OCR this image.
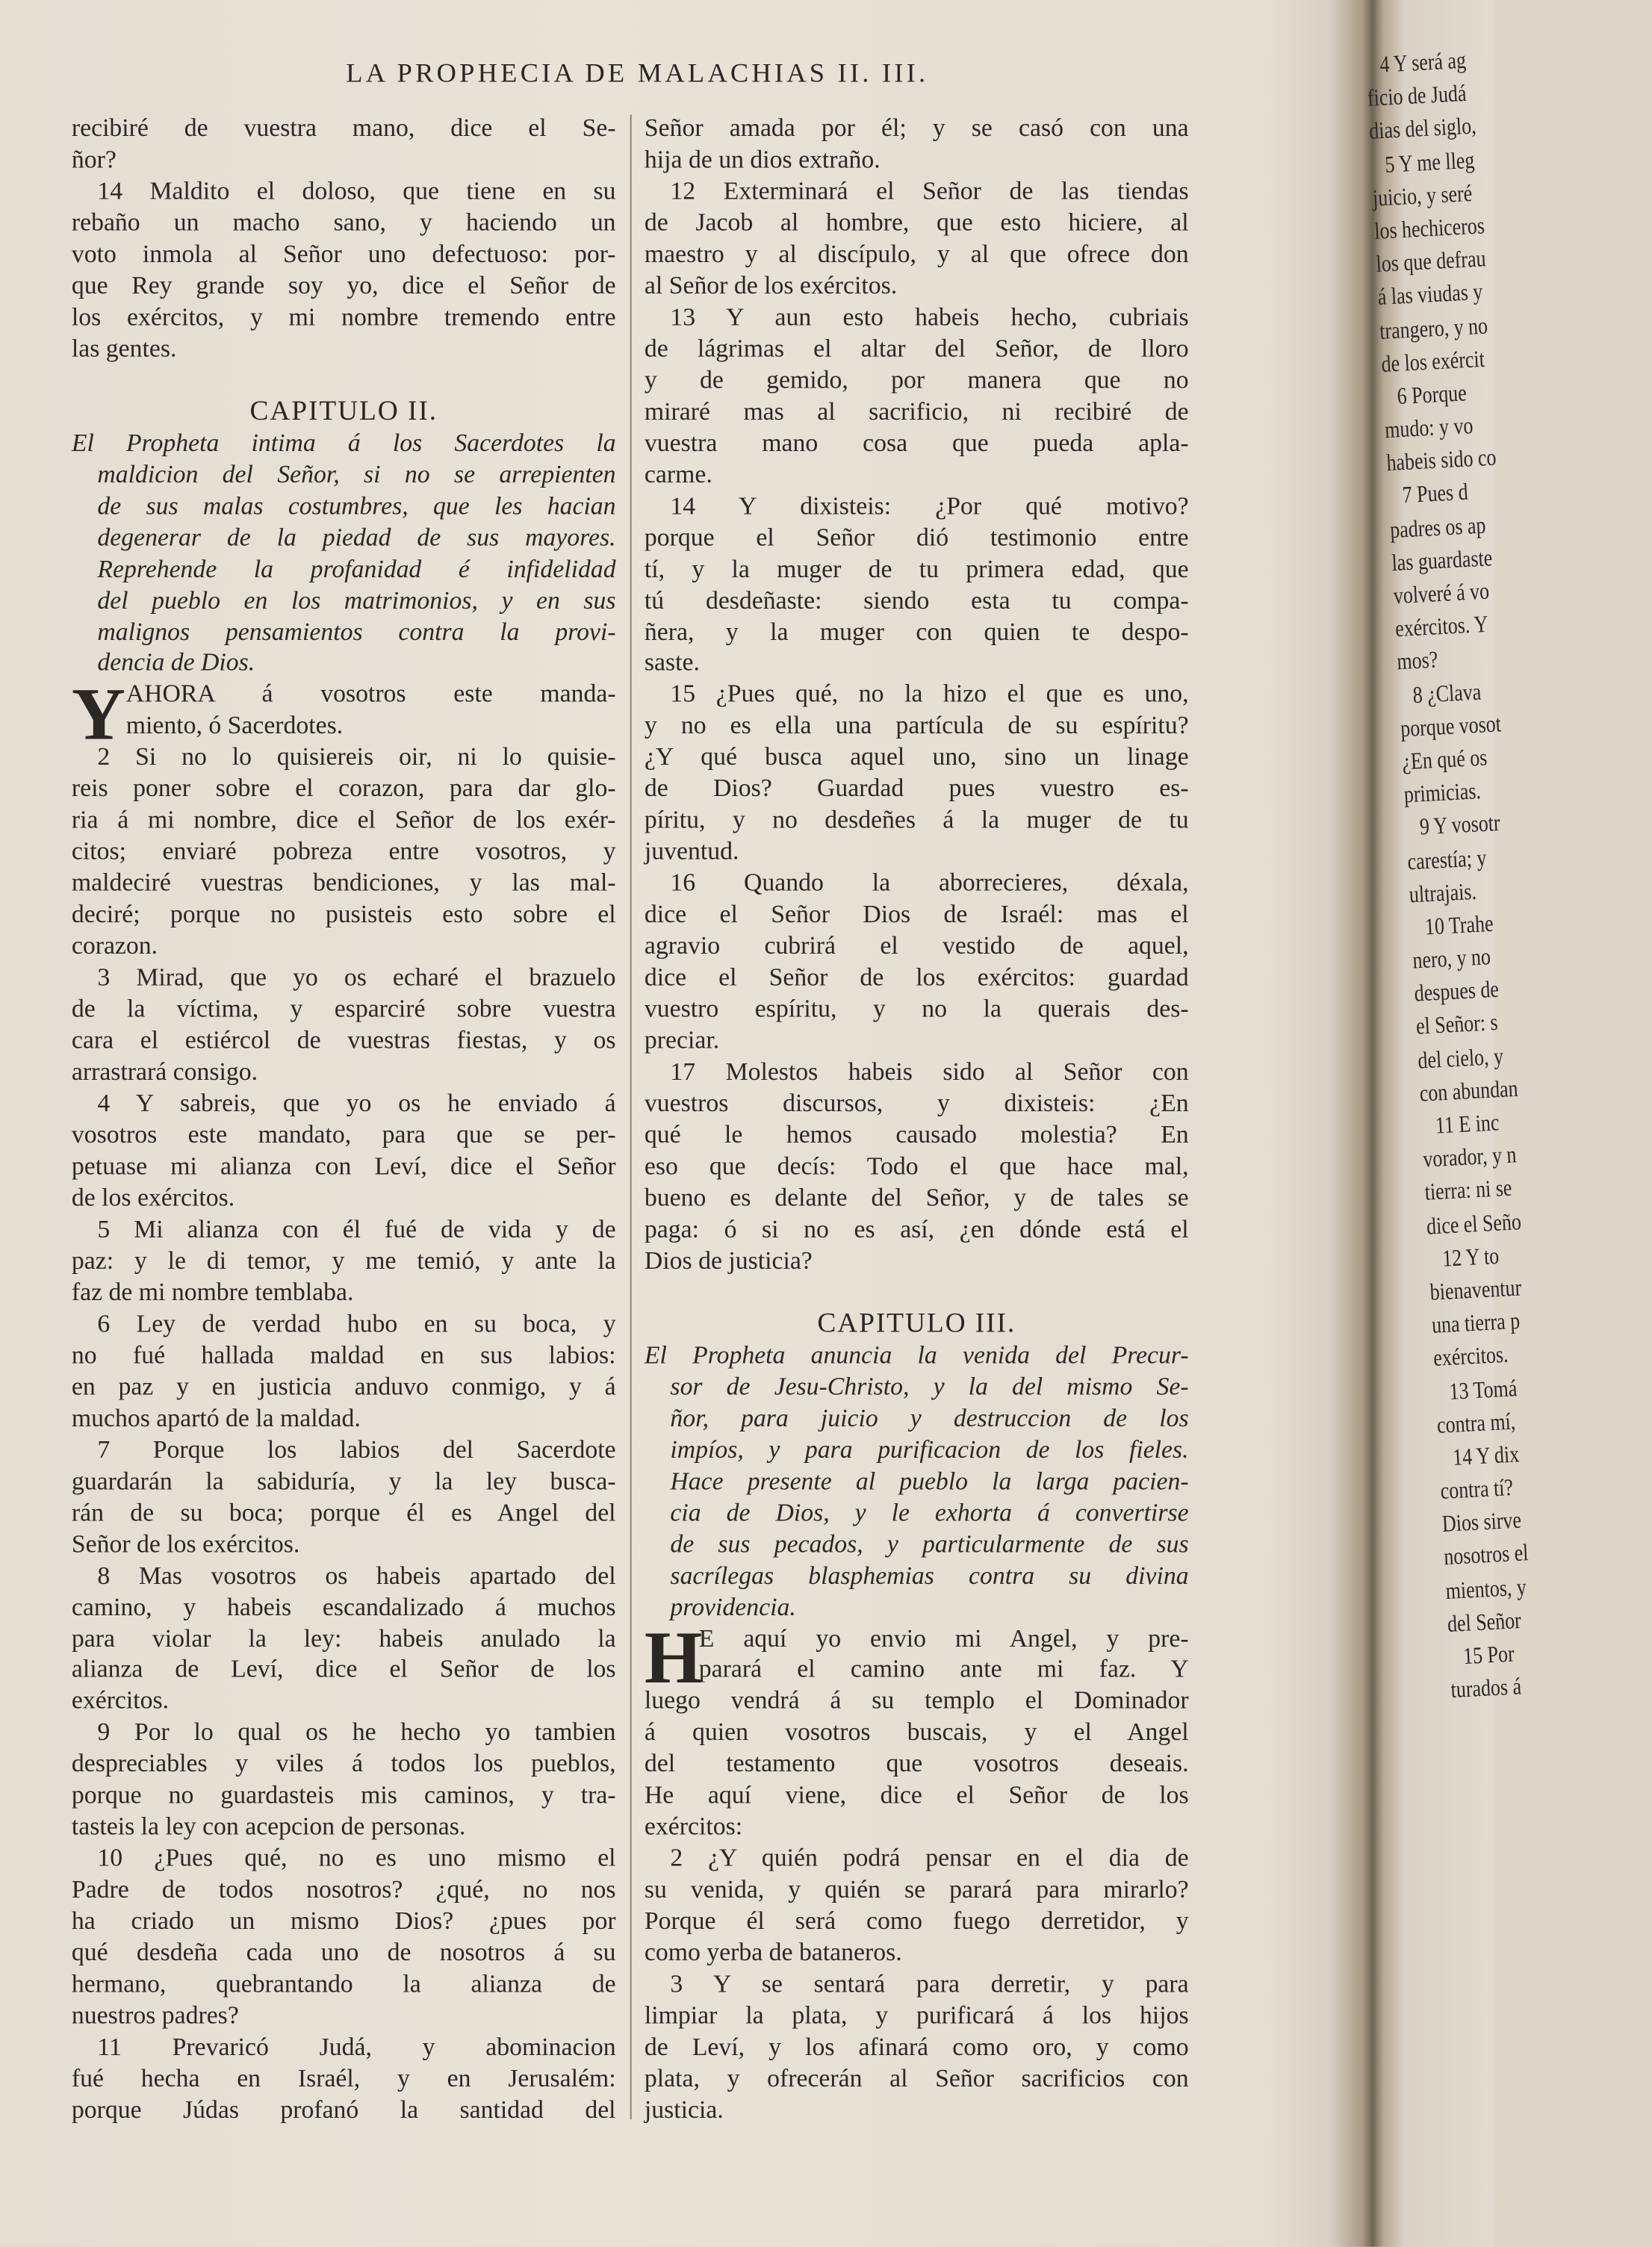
LA PROPHECIA DE MALACHIAS II. III.
recibiré de vuestra mano, dice el Se-
ñor?
14 Maldito el doloso, que tiene en su
rebaño un macho sano, y haciendo un
voto inmola al Señor uno defectuoso: por-
que Rey grande soy yo, dice el Señor de
los exércitos, y mi nombre tremendo entre
las gentes.
CAPITULO II.
El Propheta intima á los Sacerdotes la
maldicion del Señor, si no se arrepienten
de sus malas costumbres, que les hacian
degenerar de la piedad de sus mayores.
Reprehende la profanidad é infidelidad
del pueblo en los matrimonios, y en sus
malignos pensamientos contra la provi-
dencia de Dios.
Y AHORA á vosotros este manda-
miento, ó Sacerdotes.
2 Si no lo quisiereis oir, ni lo quisie-
reis poner sobre el corazon, para dar glo-
ria á mi nombre, dice el Señor de los exér-
citos; enviaré pobreza entre vosotros, y
maldeciré vuestras bendiciones, y las mal-
deciré; porque no pusisteis esto sobre el
corazon.
3 Mirad, que yo os echaré el brazuelo
de la víctima, y esparciré sobre vuestra
cara el estiércol de vuestras fiestas, y os
arrastrará consigo.
4 Y sabreis, que yo os he enviado á
vosotros este mandato, para que se per-
petuase mi alianza con Leví, dice el Señor
de los exércitos.
5 Mi alianza con él fué de vida y de
paz: y le di temor, y me temió, y ante la
faz de mi nombre temblaba.
6 Ley de verdad hubo en su boca, y
no fué hallada maldad en sus labios:
en paz y en justicia anduvo conmigo, y á
muchos apartó de la maldad.
7 Porque los labios del Sacerdote
guardarán la sabiduría, y la ley busca-
rán de su boca; porque él es Angel del
Señor de los exércitos.
8 Mas vosotros os habeis apartado del
camino, y habeis escandalizado á muchos
para violar la ley: habeis anulado la
alianza de Leví, dice el Señor de los
exércitos.
9 Por lo qual os he hecho yo tambien
despreciables y viles á todos los pueblos,
porque no guardasteis mis caminos, y tra-
tasteis la ley con acepcion de personas.
10 ¿Pues qué, no es uno mismo el
Padre de todos nosotros? ¿qué, no nos
ha criado un mismo Dios? ¿pues por
qué desdeña cada uno de nosotros á su
hermano, quebrantando la alianza de
nuestros padres?
11 Prevaricó Judá, y abominacion
fué hecha en Israél, y en Jerusalém:
porque Júdas profanó la santidad del
Señor amada por él; y se casó con una
hija de un dios extraño.
12 Exterminará el Señor de las tiendas
de Jacob al hombre, que esto hiciere, al
maestro y al discípulo, y al que ofrece don
al Señor de los exércitos.
13 Y aun esto habeis hecho, cubriais
de lágrimas el altar del Señor, de lloro
y de gemido, por manera que no
miraré mas al sacrificio, ni recibiré de
vuestra mano cosa que pueda apla-
carme.
14 Y dixisteis: ¿Por qué motivo?
porque el Señor dió testimonio entre
tí, y la muger de tu primera edad, que
tú desdeñaste: siendo esta tu compa-
ñera, y la muger con quien te despo-
saste.
15 ¿Pues qué, no la hizo el que es uno,
y no es ella una partícula de su espíritu?
¿Y qué busca aquel uno, sino un linage
de Dios? Guardad pues vuestro es-
píritu, y no desdeñes á la muger de tu
juventud.
16 Quando la aborrecieres, déxala,
dice el Señor Dios de Israél: mas el
agravio cubrirá el vestido de aquel,
dice el Señor de los exércitos: guardad
vuestro espíritu, y no la querais des-
preciar.
17 Molestos habeis sido al Señor con
vuestros discursos, y dixisteis: ¿En
qué le hemos causado molestia? En
eso que decís: Todo el que hace mal,
bueno es delante del Señor, y de tales se
paga: ó si no es así, ¿en dónde está el
Dios de justicia?
CAPITULO III.
El Propheta anuncia la venida del Precur-
sor de Jesu-Christo, y la del mismo Se-
ñor, para juicio y destruccion de los
impíos, y para purificacion de los fieles.
Hace presente al pueblo la larga pacien-
cia de Dios, y le exhorta á convertirse
de sus pecados, y particularmente de sus
sacrílegas blasphemias contra su divina
providencia.
H
E aquí yo envio mi Angel, y pre-
parará el camino ante mi faz. Y
luego vendrá á su templo el Dominador
á quien vosotros buscais, y el Angel
del testamento que vosotros deseais.
He aquí viene, dice el Señor de los
exércitos:
2 ¿Y quién podrá pensar en el dia de
su venida, y quién se parará para mirarlo?
Porque él será como fuego derretidor, y
como yerba de bataneros.
3 Y se sentará para derretir, y para
limpiar la plata, y purificará á los hijos
de Leví, y los afinará como oro, y como
plata, y ofrecerán al Señor sacrificios con
justicia.
4 Y será ag
ficio de Judá
dias del siglo,
5 Y me lleg
juicio, y seré
los hechiceros
los que defrau
á las viudas y
trangero, y no
de los exércit
6 Porque
mudo: y vo
habeis sido co
7 Pues d
padres os ap
las guardaste
volveré á vo
exércitos. Y
mos?
8 ¿Clava
porque vosot
¿En qué os
primicias.
9 Y vosotr
carestía; y
ultrajais.
10 Trahe
nero, y no
despues de
el Señor: s
del cielo, y
con abundan
11 E inc
vorador, y n
tierra: ni se
dice el Seño
12 Y to
bienaventur
una tierra p
exércitos.
13 Tomá
contra mí,
14 Y dix
contra tí?
Dios sirve
nosotros el
mientos, y
del Señor
15 Por
turados á
